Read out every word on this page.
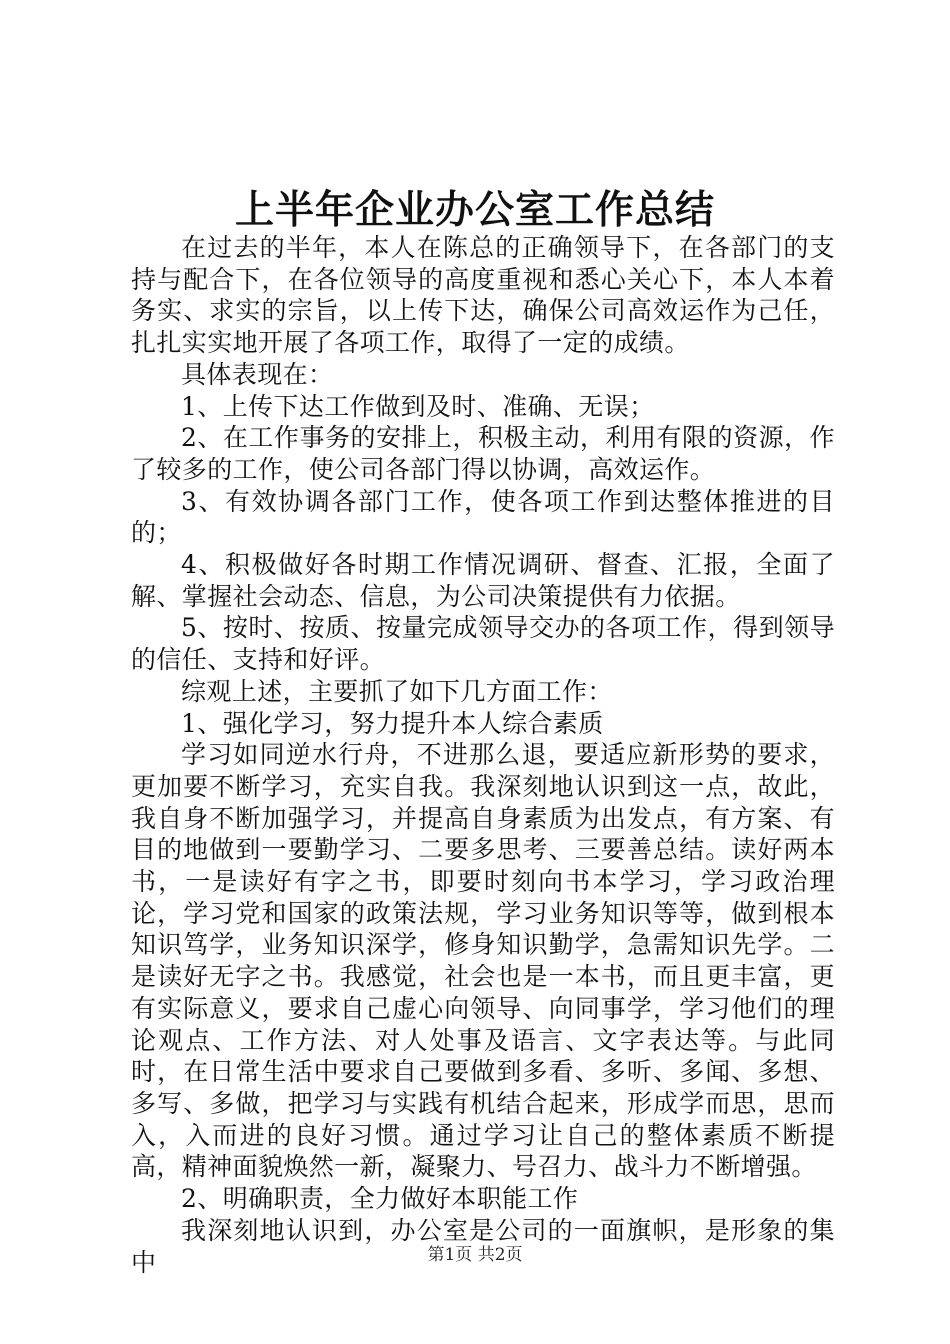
上半年企业办公室工作总结

在过去的半年，本人在陈总的正确领导下，在各部门的支持与配合下，在各位领导的高度重视和悉心关心下，本人本着务实、求实的宗旨，以上传下达，确保公司高效运作为己任，扎扎实实地开展了各项工作，取得了一定的成绩。

具体表现在：

1、上传下达工作做到及时、准确、无误；

2、在工作事务的安排上，积极主动，利用有限的资源，作了较多的工作，使公司各部门得以协调，高效运作。

3、有效协调各部门工作，使各项工作到达整体推进的目的；

4、积极做好各时期工作情况调研、督查、汇报，全面了解、掌握社会动态、信息，为公司决策提供有力依据。

5、按时、按质、按量完成领导交办的各项工作，得到领导的信任、支持和好评。

综观上述，主要抓了如下几方面工作：

1、强化学习，努力提升本人综合素质

学习如同逆水行舟，不进那么退，要适应新形势的要求，更加要不断学习，充实自我。我深刻地认识到这一点，故此，我自身不断加强学习，并提高自身素质为出发点，有方案、有目的地做到一要勤学习、二要多思考、三要善总结。读好两本书，一是读好有字之书，即要时刻向书本学习，学习政治理论，学习党和国家的政策法规，学习业务知识等等，做到根本知识笃学，业务知识深学，修身知识勤学，急需知识先学。二是读好无字之书。我感觉，社会也是一本书，而且更丰富，更有实际意义，要求自己虚心向领导、向同事学，学习他们的理论观点、工作方法、对人处事及语言、文字表达等。与此同时，在日常生活中要求自己要做到多看、多听、多闻、多想、多写、多做，把学习与实践有机结合起来，形成学而思，思而入，入而进的良好习惯。通过学习让自己的整体素质不断提高，精神面貌焕然一新，凝聚力、号召力、战斗力不断增强。

2、明确职责，全力做好本职能工作

我深刻地认识到，办公室是公司的一面旗帜，是形象的集中	第1页 共2页
